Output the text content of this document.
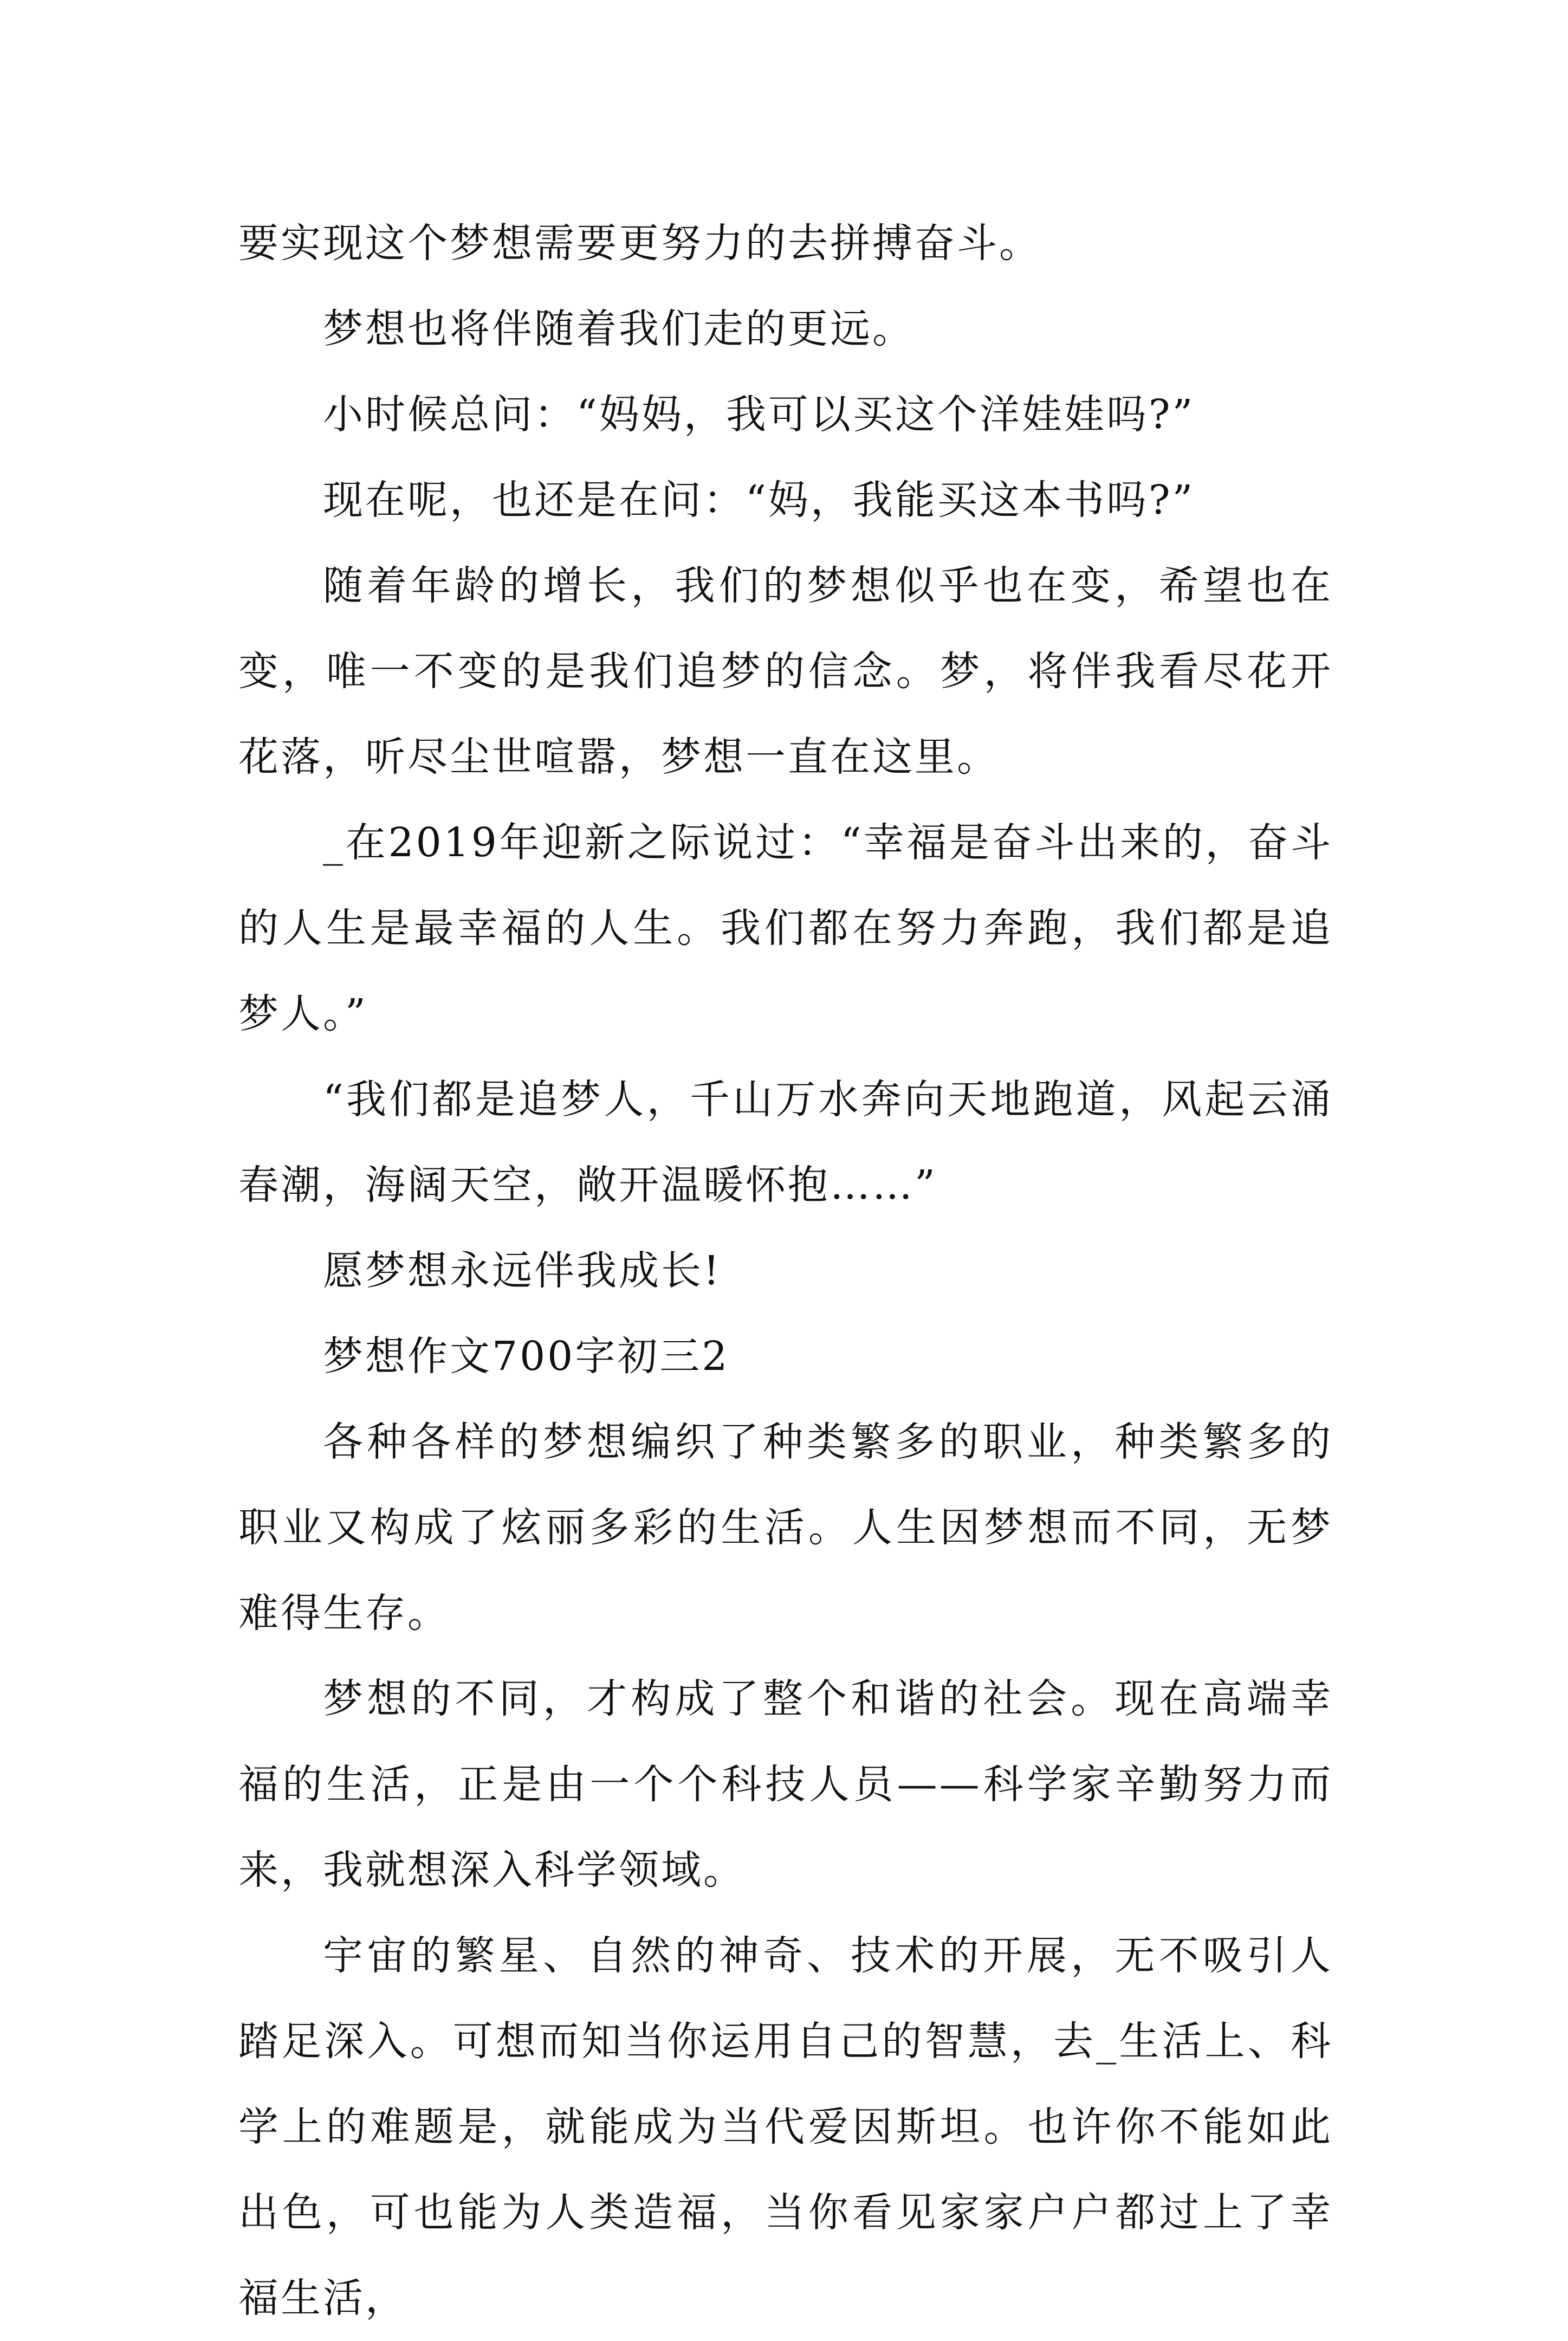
要实现这个梦想需要更努力的去拼搏奋斗。

梦想也将伴随着我们走的更远。

小时候总问：“妈妈，我可以买这个洋娃娃吗?”

现在呢，也还是在问：“妈，我能买这本书吗?”

随着年龄的增长，我们的梦想似乎也在变，希望也在变，唯一不变的是我们追梦的信念。梦，将伴我看尽花开花落，听尽尘世喧嚣，梦想一直在这里。

_在2019年迎新之际说过：“幸福是奋斗出来的，奋斗的人生是最幸福的人生。我们都在努力奔跑，我们都是追梦人。”

“我们都是追梦人，千山万水奔向天地跑道，风起云涌春潮，海阔天空，敞开温暖怀抱……”

愿梦想永远伴我成长!

梦想作文700字初三2

各种各样的梦想编织了种类繁多的职业，种类繁多的职业又构成了炫丽多彩的生活。人生因梦想而不同，无梦难得生存。

梦想的不同，才构成了整个和谐的社会。现在高端幸福的生活，正是由一个个科技人员——科学家辛勤努力而来，我就想深入科学领域。

宇宙的繁星、自然的神奇、技术的开展，无不吸引人踏足深入。可想而知当你运用自己的智慧，去_生活上、科学上的难题是，就能成为当代爱因斯坦。也许你不能如此出色，可也能为人类造福，当你看见家家户户都过上了幸福生活，
